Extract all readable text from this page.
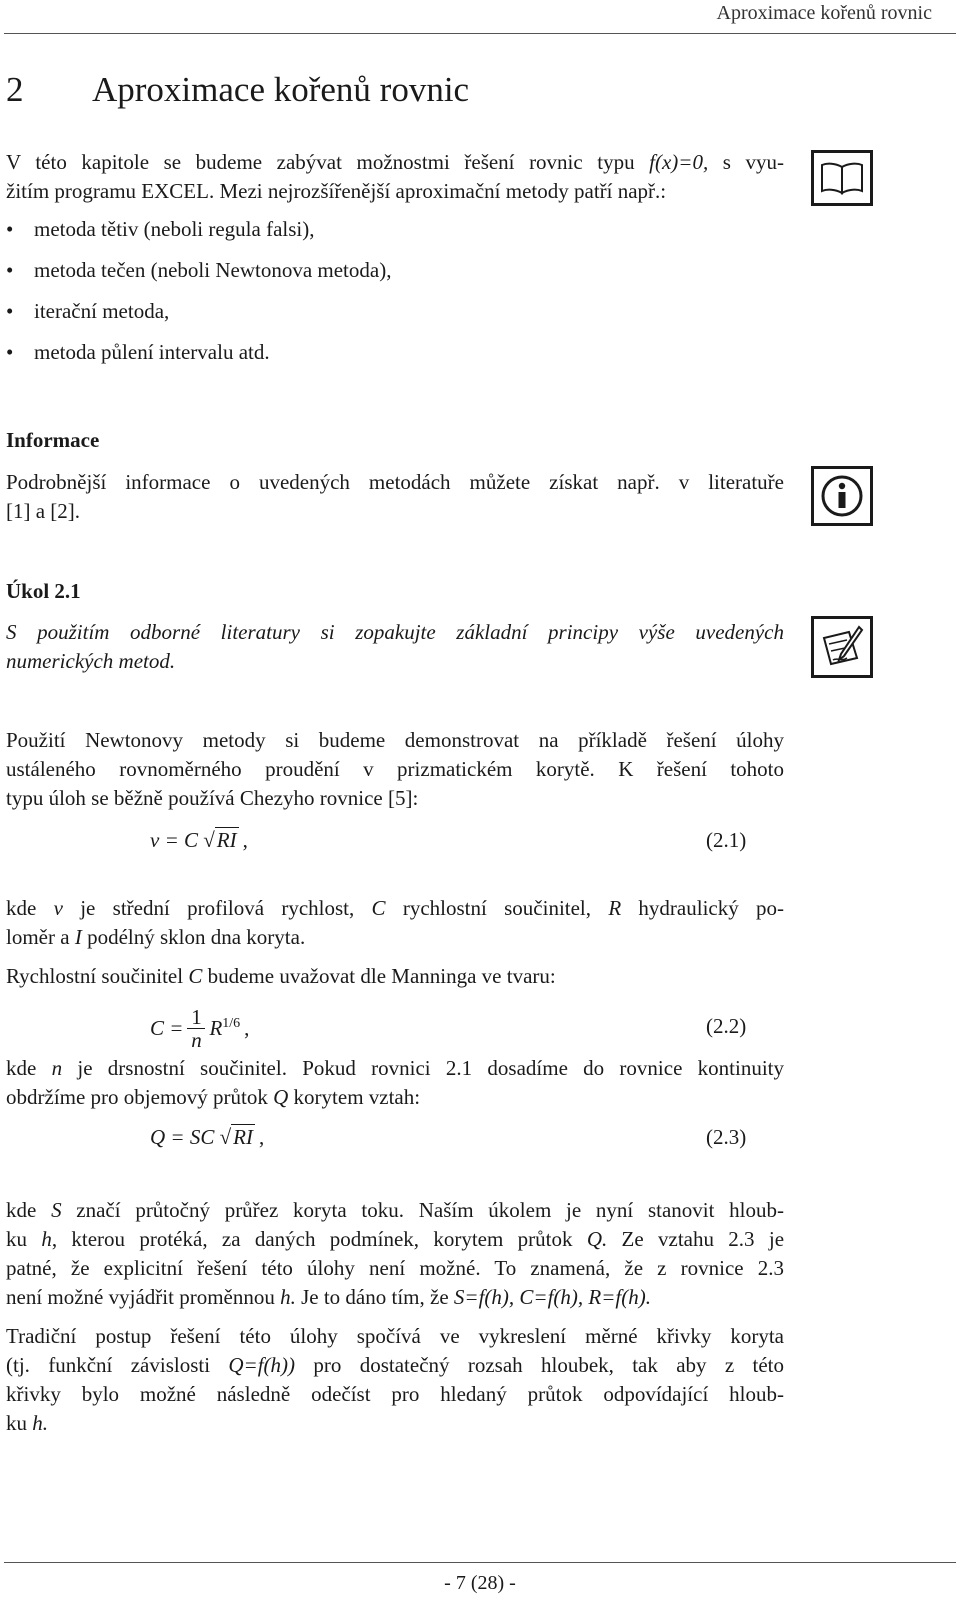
Aproximace kořenů rovnic
2 Aproximace kořenů rovnic

V této kapitole se budeme zabývat možnostmi řešení rovnic typu f(x)=0, s vyu-

žitím programu EXCEL. Mezi nejrozšířenější aproximační metody patří např.:

• metoda tětiv (neboli regula falsi),
• metoda tečen (neboli Newtonova metoda),
• iterační metoda,
• metoda půlení intervalu atd.
Informace

Podrobnější informace o uvedených metodách můžete získat např. v literatuře

[1] a [2].

Úkol 2.1

S použitím odborné literatury si zopakujte základní principy výše uvedených

numerických metod.

Použití Newtonovy metody si budeme demonstrovat na příkladě řešení úlohy

ustáleného rovnoměrného proudění v prizmatickém korytě. K řešení tohoto

typu úloh se běžně používá Chezyho rovnice [5]:

v = C √RI ,	(2.1)

kde v je střední profilová rychlost, C rychlostní součinitel, R hydraulický po-

loměr a I podélný sklon dna koryta.

Rychlostní součinitel C budeme uvažovat dle Manninga ve tvaru:

C = 1
n $R^{1/6}$ ,	(2.2)

kde n je drsnostní součinitel. Pokud rovnici 2.1 dosadíme do rovnice kontinuity

obdržíme pro objemový průtok Q korytem vztah:

Q = SC √RI ,	(2.3)

kde S značí průtočný průřez koryta toku. Naším úkolem je nyní stanovit hloub-

ku h, kterou protéká, za daných podmínek, korytem průtok Q. Ze vztahu 2.3 je

patné, že explicitní řešení této úlohy není možné. To znamená, že z rovnice 2.3

není možné vyjádřit proměnnou h. Je to dáno tím, že S=f(h), C=f(h), R=f(h).

Tradiční postup řešení této úlohy spočívá ve vykreslení měrné křivky koryta

(tj. funkční závislosti Q=f(h)) pro dostatečný rozsah hloubek, tak aby z této

křivky bylo možné následně odečíst pro hledaný průtok odpovídající hloub-

ku h.

- 7 (28) -
